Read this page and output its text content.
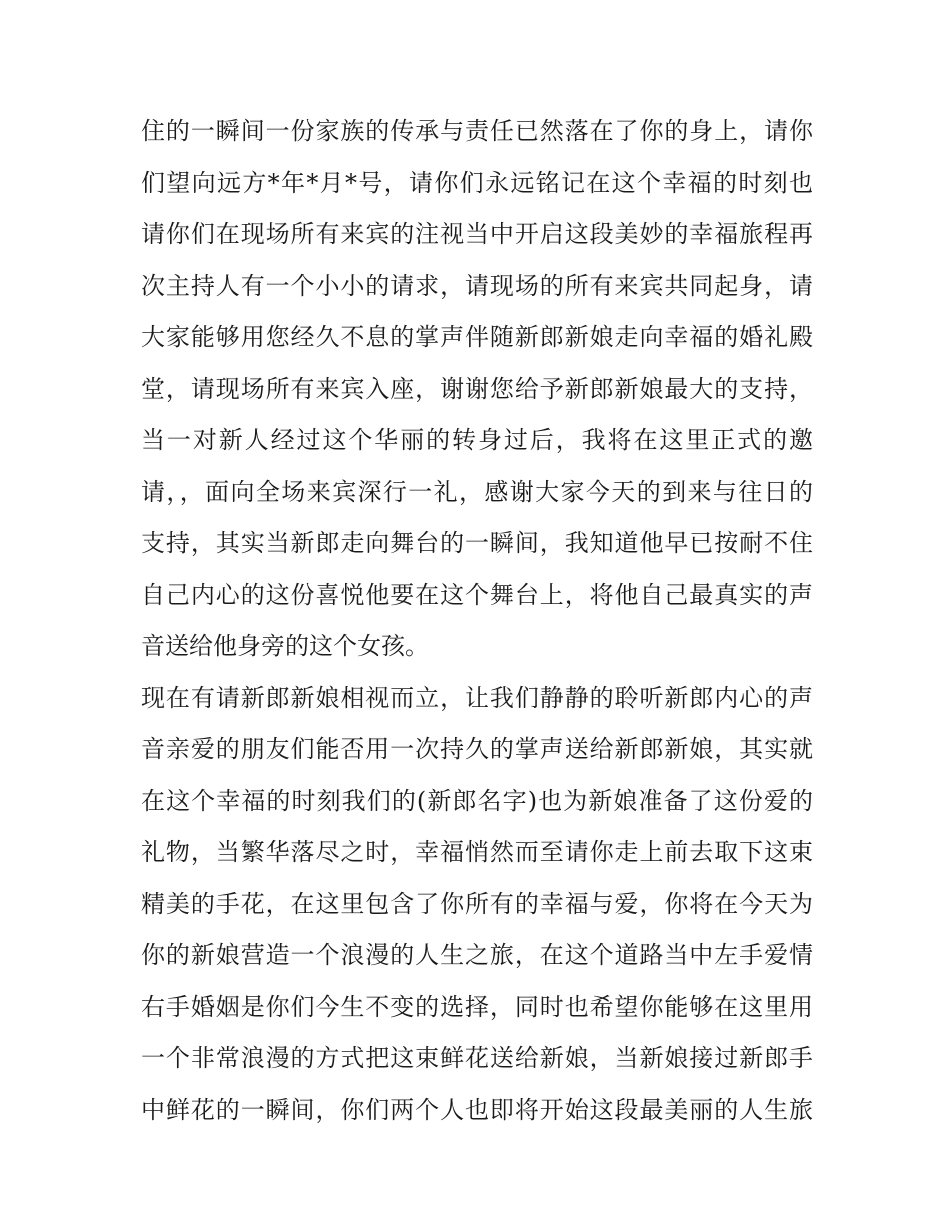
住的一瞬间一份家族的传承与责任已然落在了你的身上，请你
们望向远方*年*月*号，请你们永远铭记在这个幸福的时刻也
请你们在现场所有来宾的注视当中开启这段美妙的幸福旅程再
次主持人有一个小小的请求，请现场的所有来宾共同起身，请
大家能够用您经久不息的掌声伴随新郎新娘走向幸福的婚礼殿
堂，请现场所有来宾入座，谢谢您给予新郎新娘最大的支持，
当一对新人经过这个华丽的转身过后，我将在这里正式的邀
请，，面向全场来宾深行一礼，感谢大家今天的到来与往日的
支持，其实当新郎走向舞台的一瞬间，我知道他早已按耐不住
自己内心的这份喜悦他要在这个舞台上，将他自己最真实的声
音送给他身旁的这个女孩。
现在有请新郎新娘相视而立，让我们静静的聆听新郎内心的声
音亲爱的朋友们能否用一次持久的掌声送给新郎新娘，其实就
在这个幸福的时刻我们的(新郎名字)也为新娘准备了这份爱的
礼物，当繁华落尽之时，幸福悄然而至请你走上前去取下这束
精美的手花，在这里包含了你所有的幸福与爱，你将在今天为
你的新娘营造一个浪漫的人生之旅，在这个道路当中左手爱情
右手婚姻是你们今生不变的选择，同时也希望你能够在这里用
一个非常浪漫的方式把这束鲜花送给新娘，当新娘接过新郎手
中鲜花的一瞬间，你们两个人也即将开始这段最美丽的人生旅
